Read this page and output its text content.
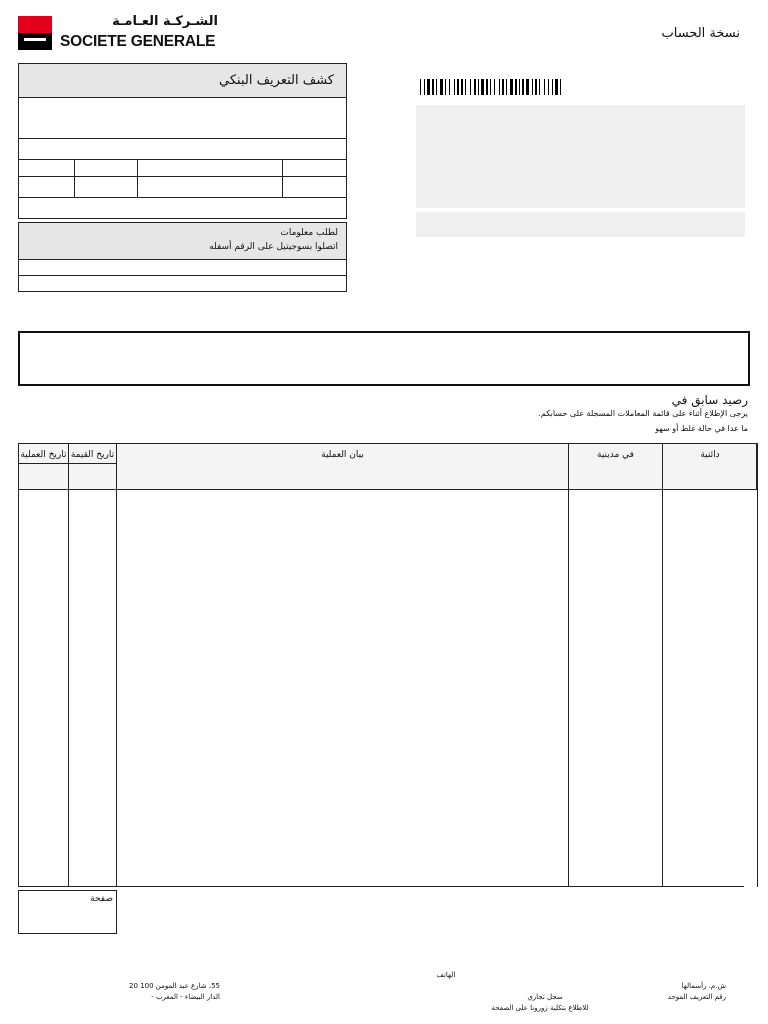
الشـركـة العـامـة
SOCIETE GENERALE	نسخة الحساب
كشف التعريف البنكي
لطلب معلومات
اتصلوا بسوجيتيل على الرقم أسفله
رصيد سابق في
يرجى الإطلاع أثناء على قائمة المعاملات المسجلة على حسابكم.
ما عدا في حالة غلط أو سهو
تاريخ العملية تاريخ القيمة	بيان العملية	في مدينية	دائنية
صفحة
ش.م. رأسمالها
رقم التعريف الموحد
الهاتف
سجل تجاري
للاطلاع بتكلية زورونا على الصفحة
55، شارع عبد المومن 100 20
الدار البيضاء - المغرب -
